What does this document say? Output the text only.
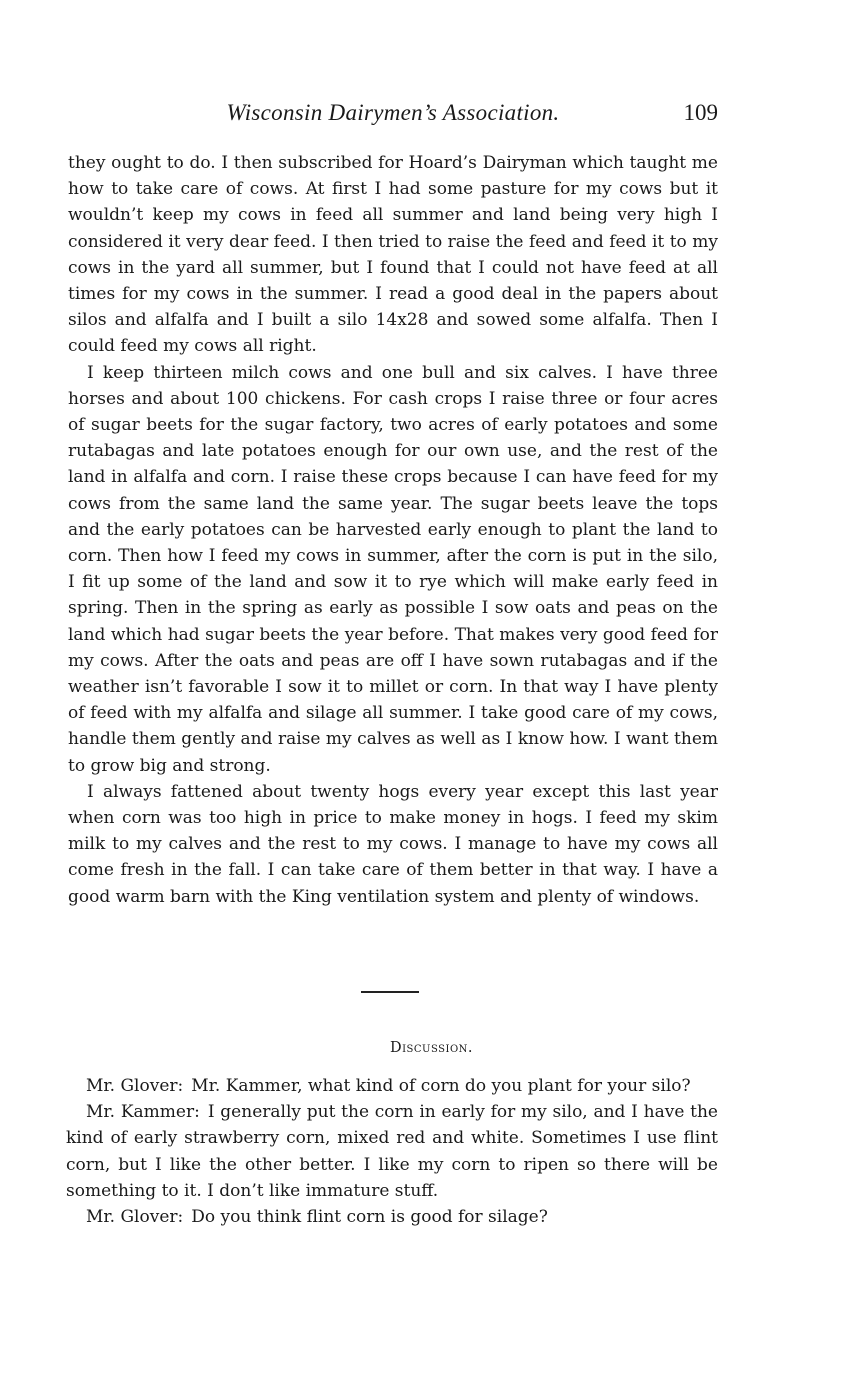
Wisconsin Dairymen’s Association.	109

they ought to do. I then subscribed for Hoard’s Dairyman which taught me how to take care of cows. At first I had some pasture for my cows but it wouldn’t keep my cows in feed all summer and land being very high I considered it very dear feed. I then tried to raise the feed and feed it to my cows in the yard all summer, but I found that I could not have feed at all times for my cows in the summer. I read a good deal in the papers about silos and alfalfa and I built a silo 14x28 and sowed some alfalfa. Then I could feed my cows all right.

I keep thirteen milch cows and one bull and six calves. I have three horses and about 100 chickens. For cash crops I raise three or four acres of sugar beets for the sugar factory, two acres of early potatoes and some rutabagas and late potatoes enough for our own use, and the rest of the land in alfalfa and corn. I raise these crops because I can have feed for my cows from the same land the same year. The sugar beets leave the tops and the early potatoes can be harvested early enough to plant the land to corn. Then how I feed my cows in summer, after the corn is put in the silo, I fit up some of the land and sow it to rye which will make early feed in spring. Then in the spring as early as possible I sow oats and peas on the land which had sugar beets the year before. That makes very good feed for my cows. After the oats and peas are off I have sown rutabagas and if the weather isn’t favorable I sow it to millet or corn. In that way I have plenty of feed with my alfalfa and silage all summer. I take good care of my cows, handle them gently and raise my calves as well as I know how. I want them to grow big and strong.

I always fattened about twenty hogs every year except this last year when corn was too high in price to make money in hogs. I feed my skim milk to my calves and the rest to my cows. I manage to have my cows all come fresh in the fall. I can take care of them better in that way. I have a good warm barn with the King ventilation system and plenty of windows.

Discussion.

Mr. Glover: Mr. Kammer, what kind of corn do you plant for your silo?

Mr. Kammer: I generally put the corn in early for my silo, and I have the kind of early strawberry corn, mixed red and white. Sometimes I use flint corn, but I like the other better. I like my corn to ripen so there will be something to it. I don’t like immature stuff.

Mr. Glover: Do you think flint corn is good for silage?
